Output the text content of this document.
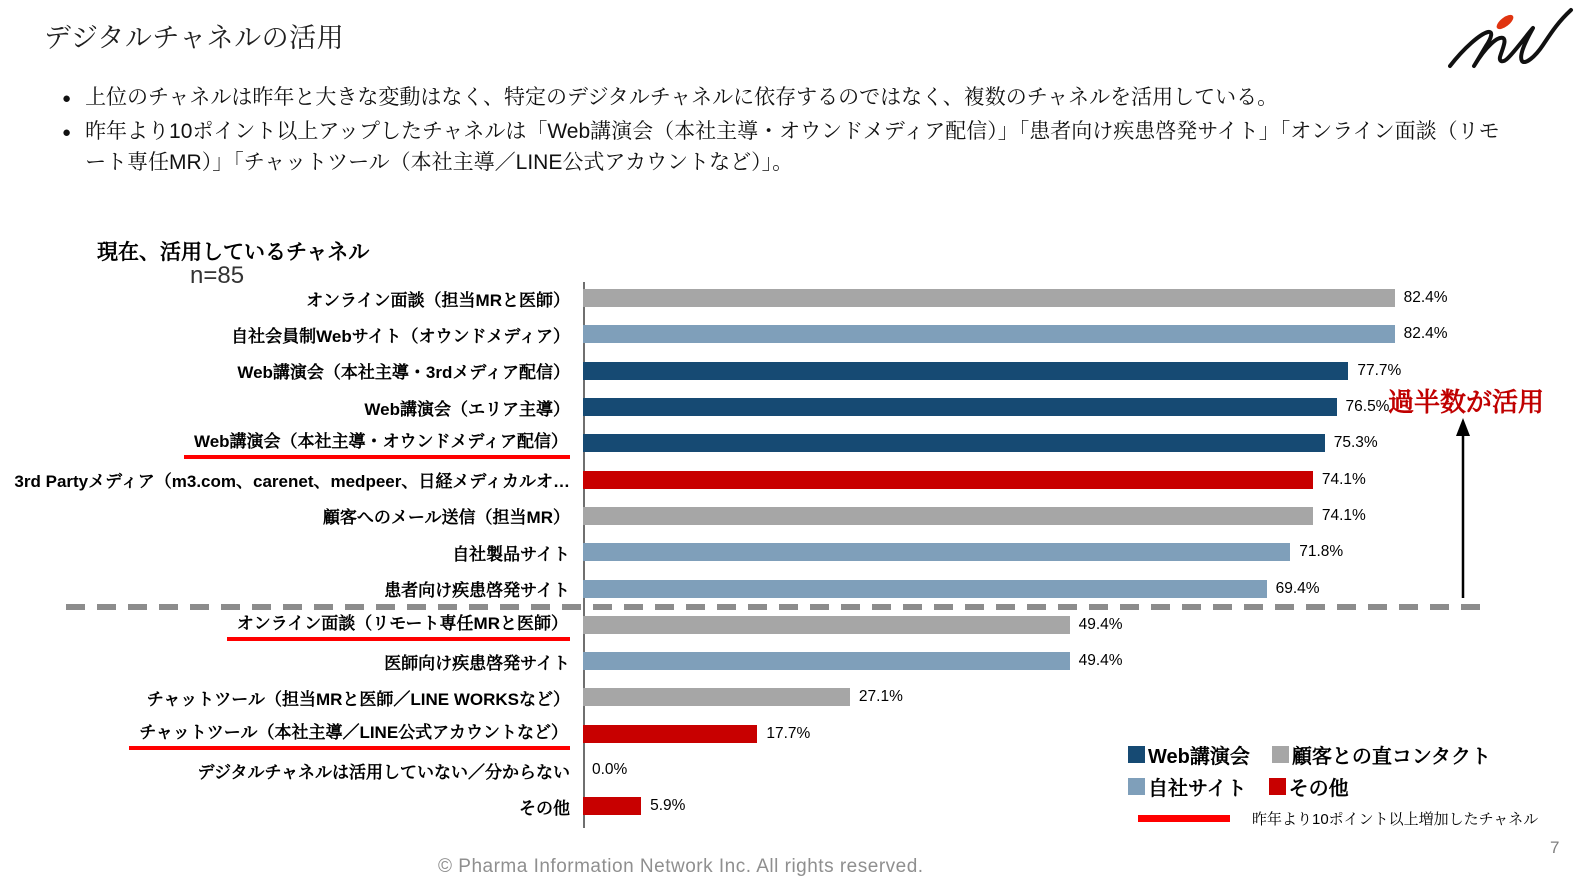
デジタルチャネルの活用
● 上位のチャネルは昨年と大きな変動はなく、特定のデジタルチャネルに依存するのではなく、複数のチャネルを活用している。
● 昨年より10ポイント以上アップしたチャネルは「Web講演会（本社主導・オウンドメディア配信）」「患者向け疾患啓発サイト」「オンライン面談（リモート専任MR）」「チャットツール（本社主導／LINE公式アカウントなど）」。
現在、活用しているチャネル
n=85
オンライン面談（担当MRと医師）	82.4%
自社会員制Webサイト（オウンドメディア）	82.4%
Web講演会（本社主導・3rdメディア配信）	77.7%
Web講演会（エリア主導）	76.5%
Web講演会（本社主導・オウンドメディア配信）	75.3%
3rd Partyメディア（m3.com、carenet、medpeer、日経メディカルオ…	74.1%
顧客へのメール送信（担当MR）	74.1%
自社製品サイト	71.8%
患者向け疾患啓発サイト	69.4%
オンライン面談（リモート専任MRと医師）	49.4%
医師向け疾患啓発サイト	49.4%
チャットツール（担当MRと医師／LINE WORKSなど）	27.1%
チャットツール（本社主導／LINE公式アカウントなど）	17.7%
デジタルチャネルは活用していない／分からない	0.0%
その他	5.9%
過半数が活用
Web講演会 顧客との直コンタクト
自社サイト その他
昨年より10ポイント以上増加したチャネル
© Pharma Information Network Inc. All rights reserved.
7
